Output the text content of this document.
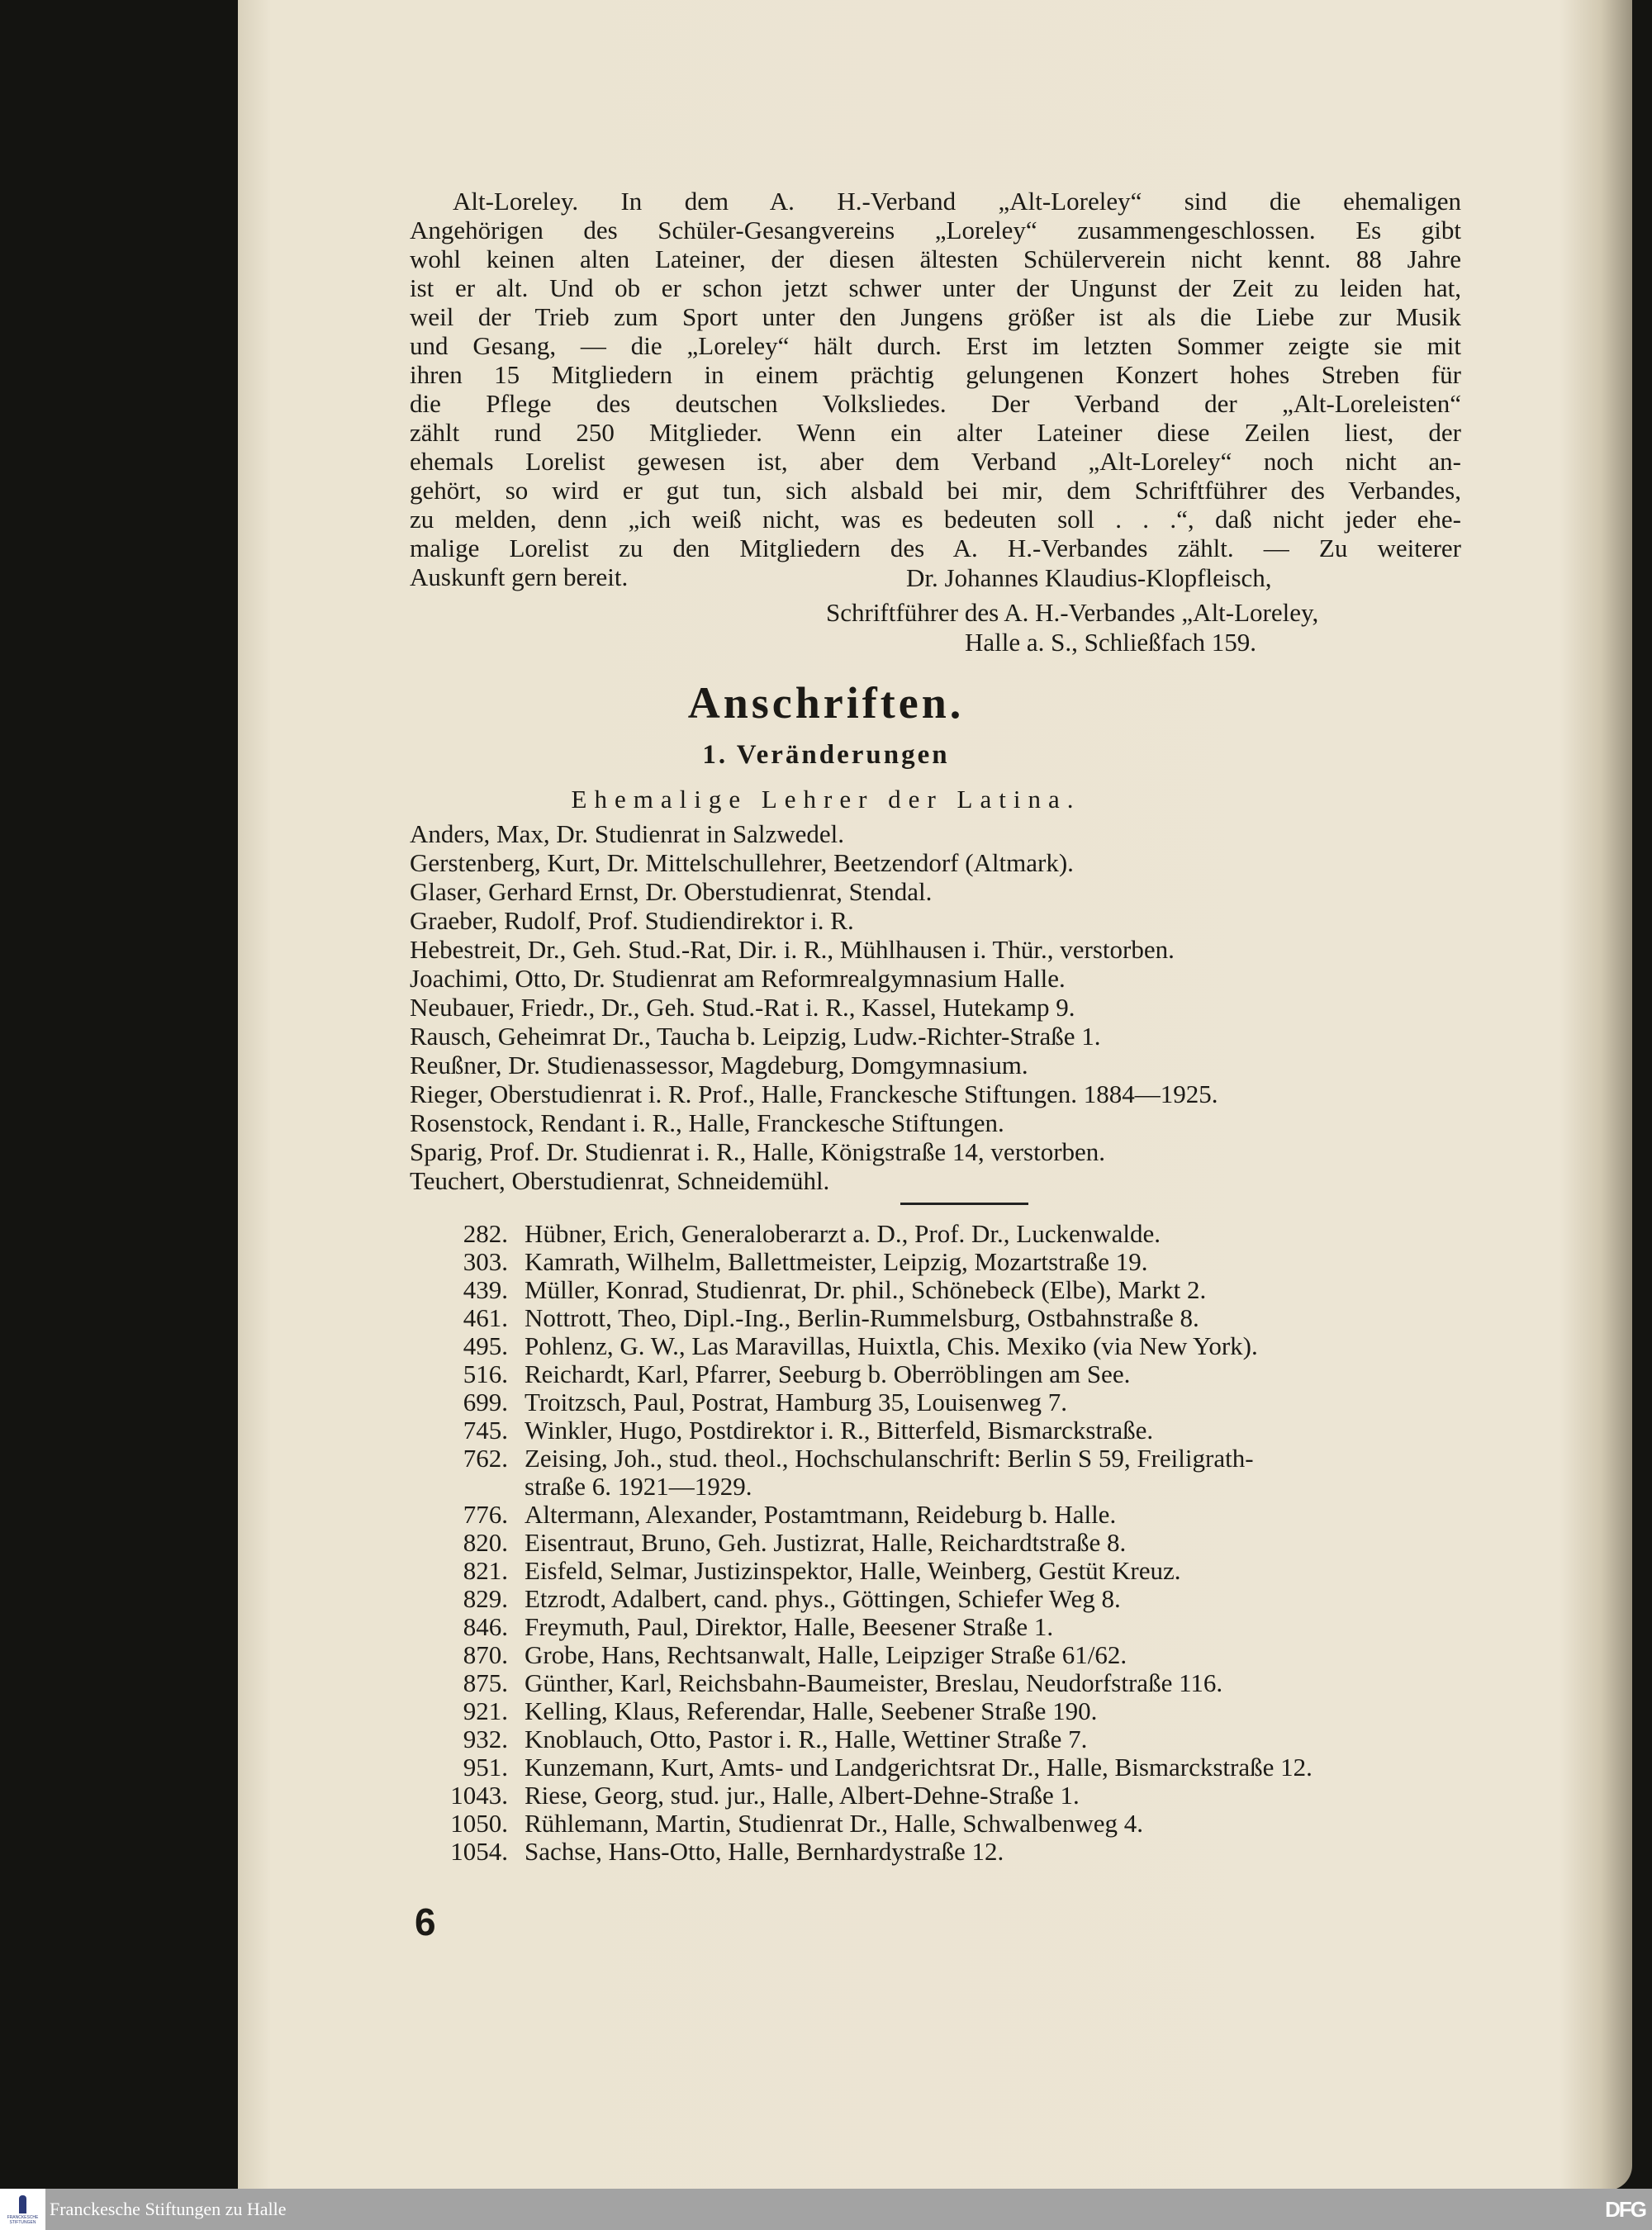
Alt-Loreley. In dem A. H.-Verband „Alt-Loreley“ sind die ehemaligen
Angehörigen des Schüler-Gesangvereins „Loreley“ zusammengeschlossen. Es gibt
wohl keinen alten Lateiner, der diesen ältesten Schülerverein nicht kennt. 88 Jahre
ist er alt. Und ob er schon jetzt schwer unter der Ungunst der Zeit zu leiden hat,
weil der Trieb zum Sport unter den Jungens größer ist als die Liebe zur Musik
und Gesang, — die „Loreley“ hält durch. Erst im letzten Sommer zeigte sie mit
ihren 15 Mitgliedern in einem prächtig gelungenen Konzert hohes Streben für
die Pflege des deutschen Volksliedes. Der Verband der „Alt-Loreleisten“
zählt rund 250 Mitglieder. Wenn ein alter Lateiner diese Zeilen liest, der
ehemals Lorelist gewesen ist, aber dem Verband „Alt-Loreley“ noch nicht an-
gehört, so wird er gut tun, sich alsbald bei mir, dem Schriftführer des Verbandes,
zu melden, denn „ich weiß nicht, was es bedeuten soll . . .“, daß nicht jeder ehe-
malige Lorelist zu den Mitgliedern des A. H.-Verbandes zählt. — Zu weiterer
Auskunft gern bereit.	Dr. Johannes Klaudius-Klopfleisch,
Schriftführer des A. H.-Verbandes „Alt-Loreley,
Halle a. S., Schließfach 159.
Anschriften.
1. Veränderungen
Ehemalige Lehrer der Latina.
Anders, Max, Dr. Studienrat in Salzwedel.
Gerstenberg, Kurt, Dr. Mittelschullehrer, Beetzendorf (Altmark).
Glaser, Gerhard Ernst, Dr. Oberstudienrat, Stendal.
Graeber, Rudolf, Prof. Studiendirektor i. R.
Hebestreit, Dr., Geh. Stud.-Rat, Dir. i. R., Mühlhausen i. Thür., verstorben.
Joachimi, Otto, Dr. Studienrat am Reformrealgymnasium Halle.
Neubauer, Friedr., Dr., Geh. Stud.-Rat i. R., Kassel, Hutekamp 9.
Rausch, Geheimrat Dr., Taucha b. Leipzig, Ludw.-Richter-Straße 1.
Reußner, Dr. Studienassessor, Magdeburg, Domgymnasium.
Rieger, Oberstudienrat i. R. Prof., Halle, Franckesche Stiftungen. 1884—1925.
Rosenstock, Rendant i. R., Halle, Franckesche Stiftungen.
Sparig, Prof. Dr. Studienrat i. R., Halle, Königstraße 14, verstorben.
Teuchert, Oberstudienrat, Schneidemühl.
282. Hübner, Erich, Generaloberarzt a. D., Prof. Dr., Luckenwalde.
303. Kamrath, Wilhelm, Ballettmeister, Leipzig, Mozartstraße 19.
439. Müller, Konrad, Studienrat, Dr. phil., Schönebeck (Elbe), Markt 2.
461. Nottrott, Theo, Dipl.-Ing., Berlin-Rummelsburg, Ostbahnstraße 8.
495. Pohlenz, G. W., Las Maravillas, Huixtla, Chis. Mexiko (via New York).
516. Reichardt, Karl, Pfarrer, Seeburg b. Oberröblingen am See.
699. Troitzsch, Paul, Postrat, Hamburg 35, Louisenweg 7.
745. Winkler, Hugo, Postdirektor i. R., Bitterfeld, Bismarckstraße.
762. Zeising, Joh., stud. theol., Hochschulanschrift: Berlin S 59, Freiligrath-
straße 6. 1921—1929.
776. Altermann, Alexander, Postamtmann, Reideburg b. Halle.
820. Eisentraut, Bruno, Geh. Justizrat, Halle, Reichardtstraße 8.
821. Eisfeld, Selmar, Justizinspektor, Halle, Weinberg, Gestüt Kreuz.
829. Etzrodt, Adalbert, cand. phys., Göttingen, Schiefer Weg 8.
846. Freymuth, Paul, Direktor, Halle, Beesener Straße 1.
870. Grobe, Hans, Rechtsanwalt, Halle, Leipziger Straße 61/62.
875. Günther, Karl, Reichsbahn-Baumeister, Breslau, Neudorfstraße 116.
921. Kelling, Klaus, Referendar, Halle, Seebener Straße 190.
932. Knoblauch, Otto, Pastor i. R., Halle, Wettiner Straße 7.
951. Kunzemann, Kurt, Amts- und Landgerichtsrat Dr., Halle, Bismarckstraße 12.
1043. Riese, Georg, stud. jur., Halle, Albert-Dehne-Straße 1.
1050. Rühlemann, Martin, Studienrat Dr., Halle, Schwalbenweg 4.
1054. Sachse, Hans-Otto, Halle, Bernhardystraße 12.
6
FRANCKESCHE STIFTUNGEN
Franckesche Stiftungen zu Halle	DFG
